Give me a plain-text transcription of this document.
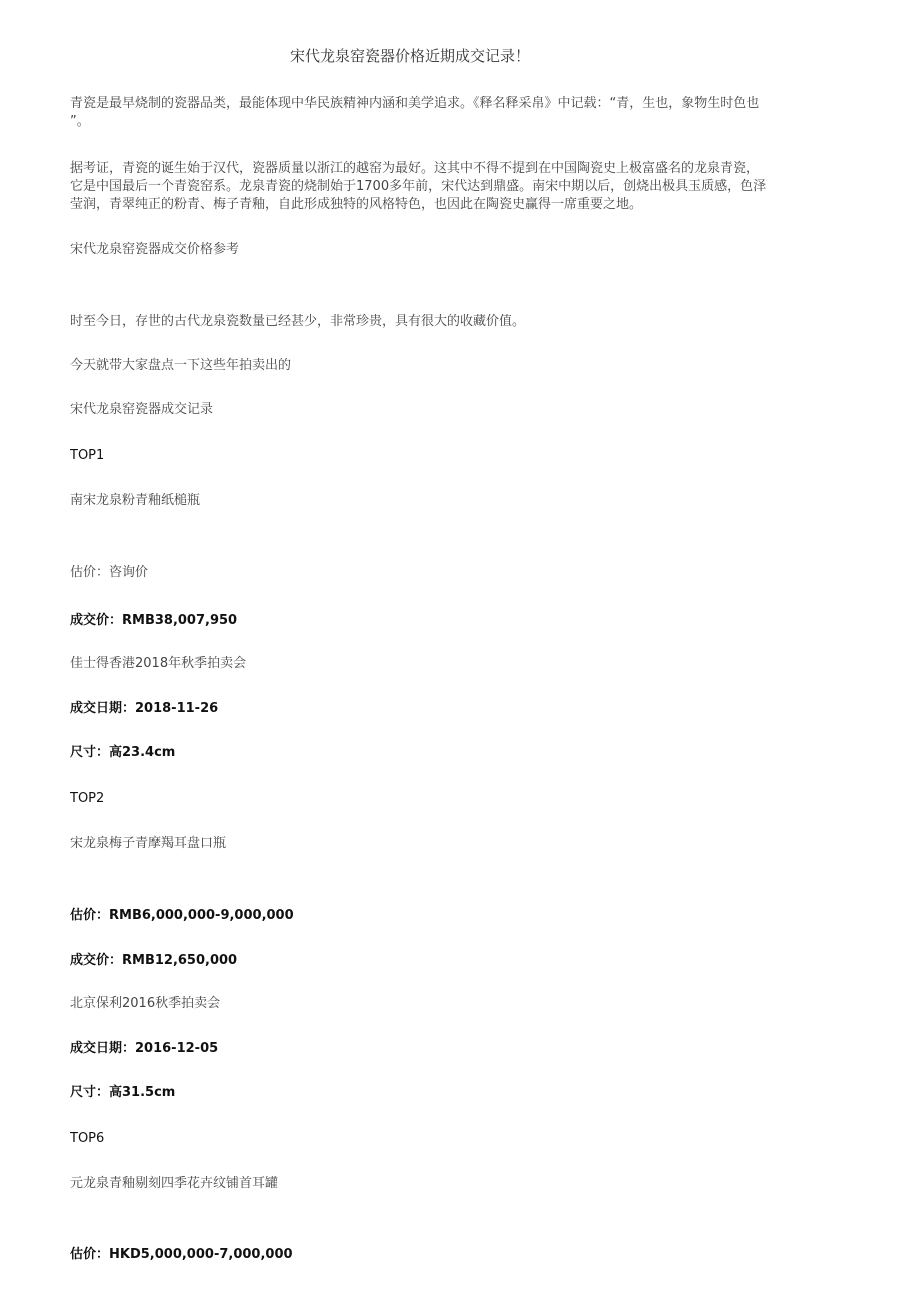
宋代龙泉窑瓷器价格近期成交记录！

青瓷是最早烧制的瓷器品类，最能体现中华民族精神内涵和美学追求。《释名释采帛》中记载：“青，生也，象物生时色也

”。

据考证，青瓷的诞生始于汉代，瓷器质量以浙江的越窑为最好。这其中不得不提到在中国陶瓷史上极富盛名的龙泉青瓷，

它是中国最后一个青瓷窑系。龙泉青瓷的烧制始于1700多年前，宋代达到鼎盛。南宋中期以后，创烧出极具玉质感，色泽

莹润，青翠纯正的粉青、梅子青釉，自此形成独特的风格特色，也因此在陶瓷史赢得一席重要之地。

宋代龙泉窑瓷器成交价格参考

时至今日，存世的古代龙泉瓷数量已经甚少，非常珍贵，具有很大的收藏价值。

今天就带大家盘点一下这些年拍卖出的

宋代龙泉窑瓷器成交记录

TOP1

南宋龙泉粉青釉纸槌瓶

估价：咨询价

成交价：RMB38,007,950

佳士得香港2018年秋季拍卖会

成交日期：2018-11-26

尺寸：高23.4cm

TOP2

宋龙泉梅子青摩羯耳盘口瓶

估价：RMB6,000,000-9,000,000

成交价：RMB12,650,000

北京保利2016秋季拍卖会

成交日期：2016-12-05

尺寸：高31.5cm

TOP6

元龙泉青釉剔刻四季花卉纹铺首耳罐

估价：HKD5,000,000-7,000,000
